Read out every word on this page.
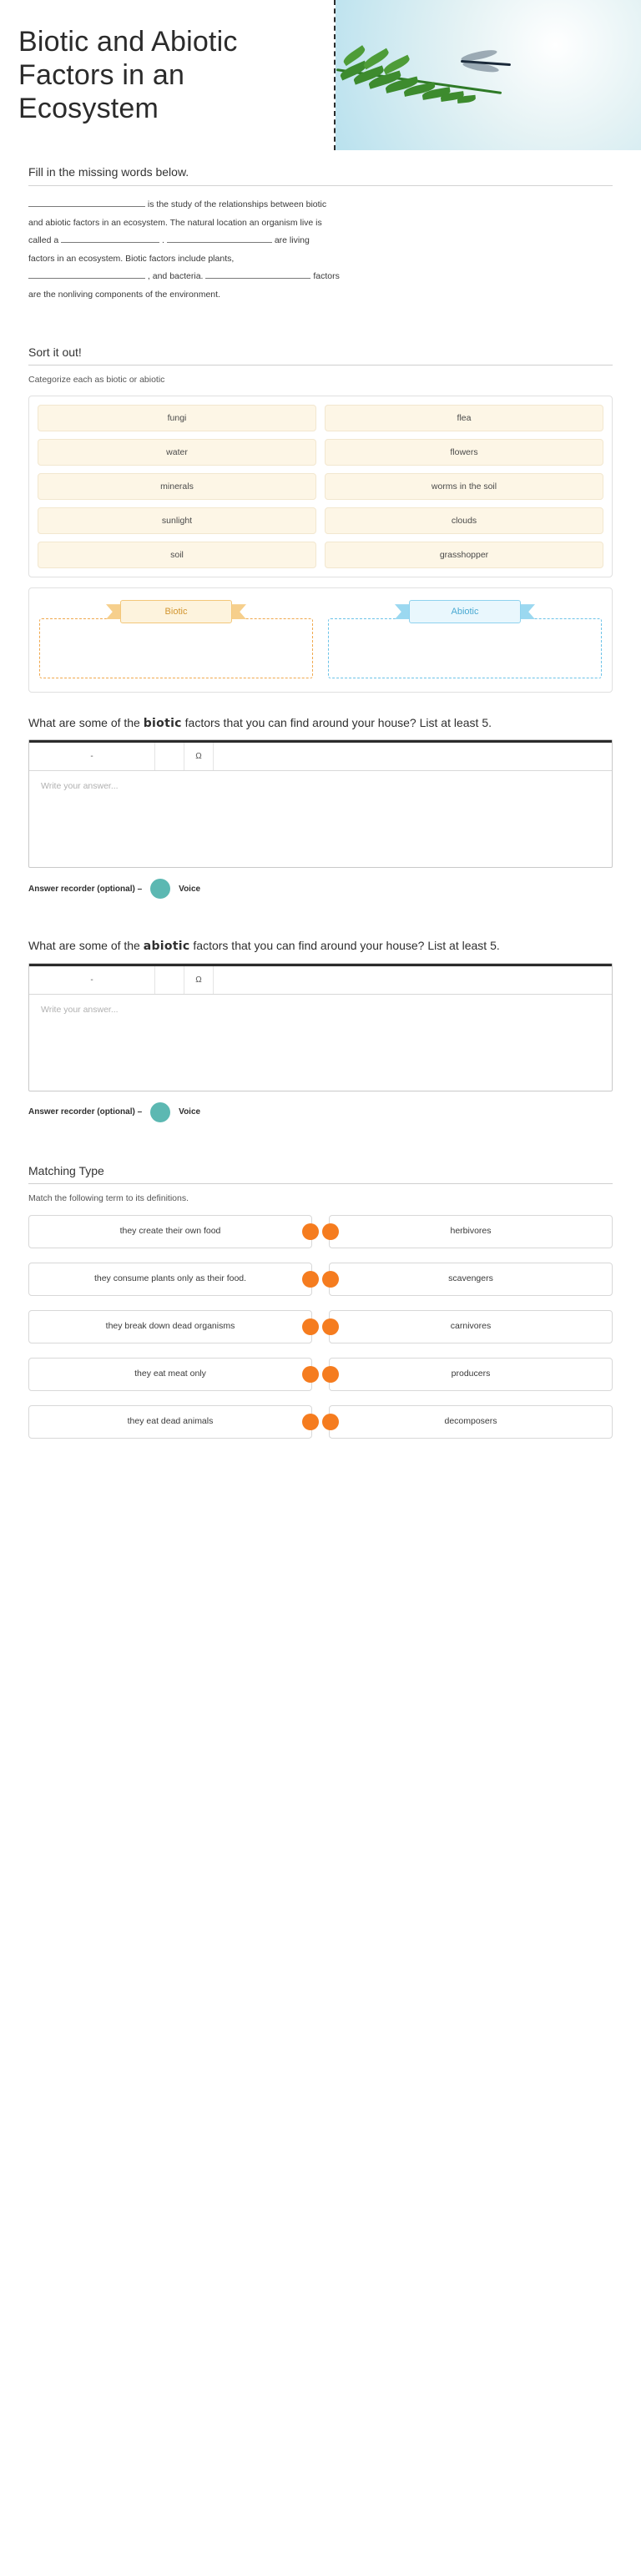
Biotic and Abiotic Factors in an Ecosystem
Fill in the missing words below.
is the study of the relationships between biotic
and abiotic factors in an ecosystem. The natural location an organism live is
called a	.	are living
factors in an ecosystem. Biotic factors include plants,
, and bacteria.	factors
are the nonliving components of the environment.
Sort it out!
Categorize each as biotic or abiotic
fungi	flea
water	flowers
minerals	worms in the soil
sunlight	clouds
soil	grasshopper
Biotic	Abiotic
What are some of the biotic factors that you can find around your house? List at least 5.
-	Ω
Write your answer...
Answer recorder (optional) –	Voice
What are some of the abiotic factors that you can find around your house? List at least 5.
-	Ω
Write your answer...
Answer recorder (optional) –	Voice
Matching Type
Match the following term to its definitions.
they create their own food	herbivores
they consume plants only as their food.	scavengers
they break down dead organisms	carnivores
they eat meat only	producers
they eat dead animals	decomposers
